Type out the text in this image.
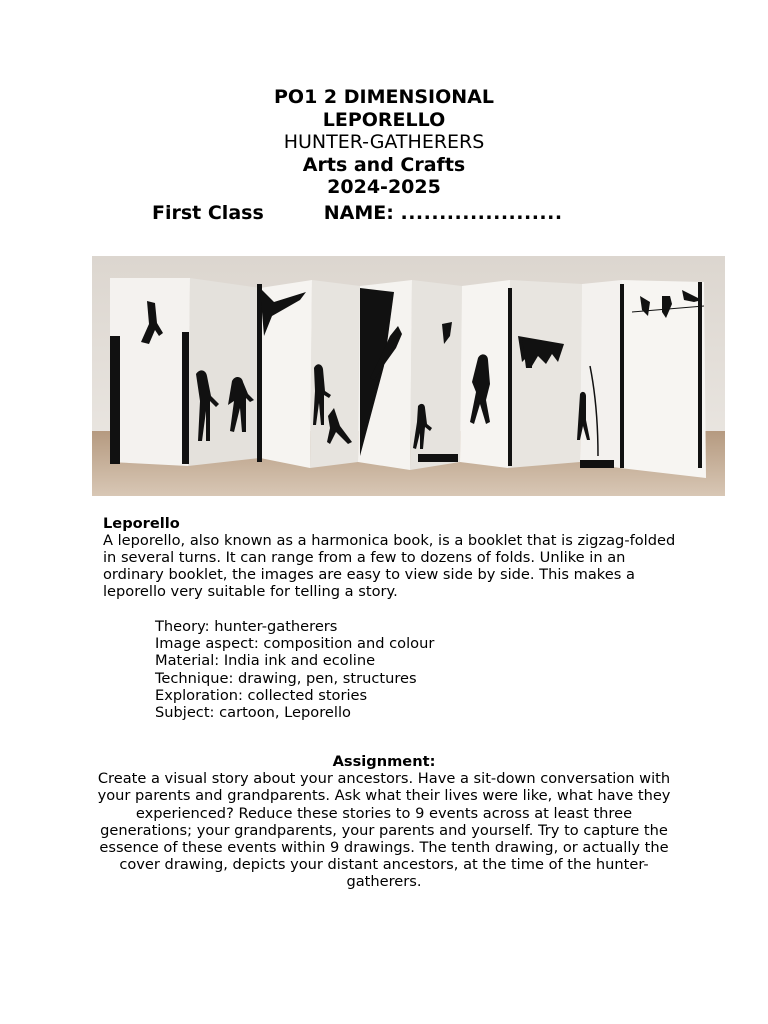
PO1 2 DIMENSIONAL
LEPORELLO
HUNTER-GATHERERS
Arts and Crafts
2024-2025
First Class	NAME: .....................
Leporello
A leporello, also known as a harmonica book, is a booklet that is zigzag-folded in several turns. It can range from a few to dozens of folds. Unlike in an ordinary booklet, the images are easy to view side by side. This makes a leporello very suitable for telling a story.
Theory: hunter-gatherers
Image aspect: composition and colour
Material: India ink and ecoline
Technique: drawing, pen, structures
Exploration: collected stories
Subject: cartoon, Leporello
Assignment:
Create a visual story about your ancestors. Have a sit-down conversation with your parents and grandparents. Ask what their lives were like, what have they experienced? Reduce these stories to 9 events across at least three generations; your grandparents, your parents and yourself. Try to capture the essence of these events within 9 drawings. The tenth drawing, or actually the cover drawing, depicts your distant ancestors, at the time of the hunter-gatherers.
